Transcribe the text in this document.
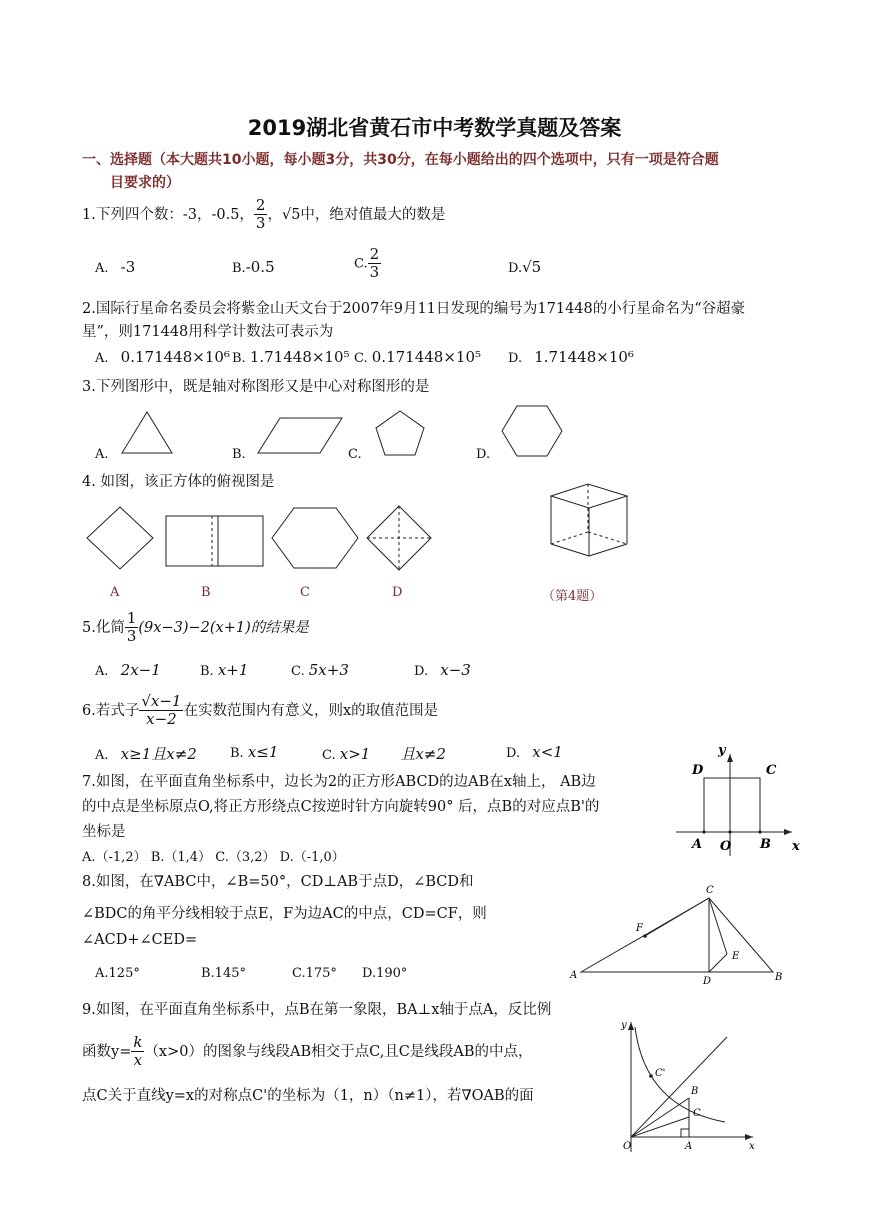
2019湖北省黄石市中考数学真题及答案
一、选择题（本大题共10小题，每小题3分，共30分，在每小题给出的四个选项中，只有一项是符合题
目要求的）
1.下列四个数：-3，-0.5， $\frac{2}{3}$ ，√5中，绝对值最大的数是
A. -3	B.-0.5	C. $\frac{2}{3}$	D.√5
2.国际行星命名委员会将紫金山天文台于2007年9月11日发现的编号为171448的小行星命名为“谷超豪
星”，则171448用科学计数法可表示为
A. 0.171448×10⁶ B. 1.71448×10⁵ C. 0.171448×10⁵ D. 1.71448×10⁶
3.下列图形中，既是轴对称图形又是中心对称图形的是
A.	B.	C.	D.
4. 如图，该正方体的俯视图是
A	B	C	D	（第4题）
5.化简 $\frac{1}{3} (9x-3)-2(x+1)$的结果是
A. 2x−1	B. x+1	C. 5x+3	D. x−3
6.若式子 $\frac{√x-1}{x-2}$ 在实数范围内有意义，则x的取值范围是
A. x≥1且x≠2	B. x≤1	C. x>1　　且x≠2	D. x<1
7.如图，在平面直角坐标系中，边长为2的正方形ABCD的边AB在x轴上， AB边
的中点是坐标原点O,将正方形绕点C按逆时针方向旋转90° 后，点B的对应点B'的
坐标是
A.（-1,2） B.（1,4） C.（3,2） D.（-1,0）
y
D	C
A O B x
8.如图，在∇ABC中，∠B=50°，CD⊥AB于点D，∠BCD和
∠BDC的角平分线相较于点E，F为边AC的中点，CD=CF，则
∠ACD+∠CED=
A.125°	B.145°	C.175° D.190°
C
F
E
A
D	B
9.如图，在平面直角坐标系中，点B在第一象限，BA⊥x轴于点A，反比例
函数$y= \frac{k}{x} (x>0)$的图象与线段AB相交于点C,且C是线段AB的中点，
点C关于直线y=x的对称点C'的坐标为（1，n）（n≠1），若∇OAB的面
y
C'
B
C
O	A	x
